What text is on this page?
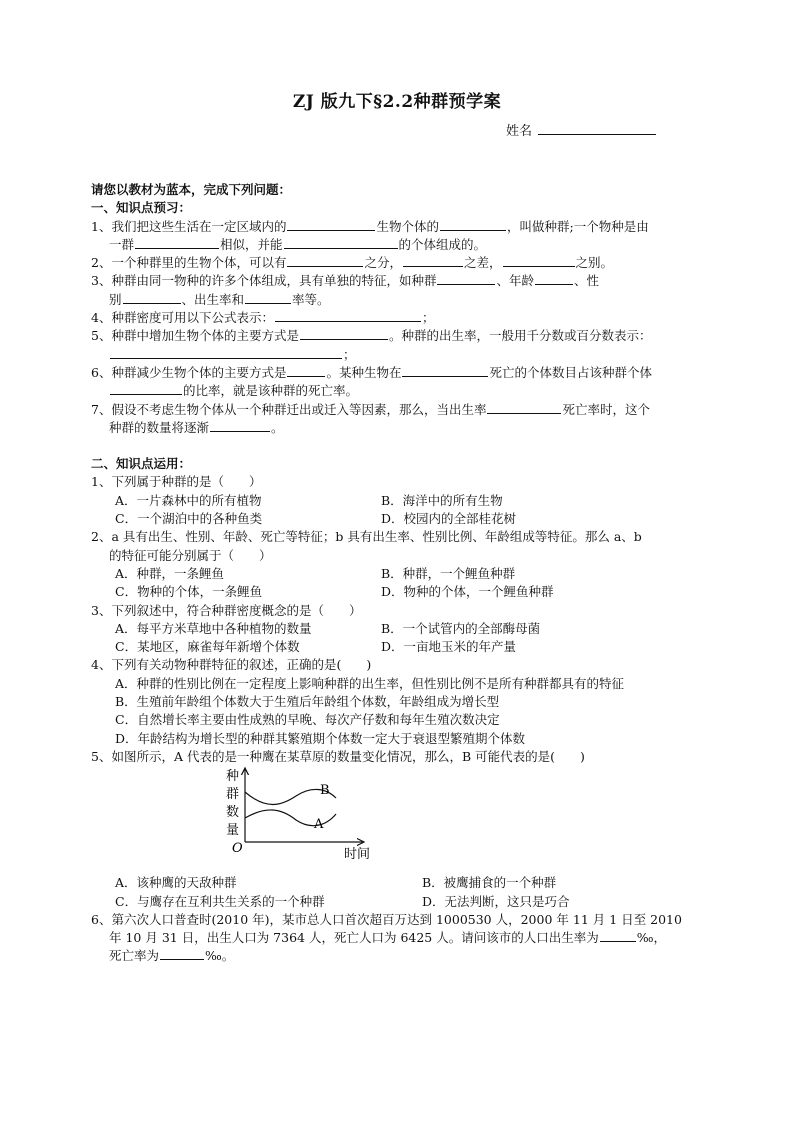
ZJ 版九下§2.2种群预学案
姓名
请您以教材为蓝本，完成下列问题：
一、知识点预习：
1、我们把这些生活在一定区域内的	生物个体的	，叫做种群;一个物种是由
一群	相似，并能	的个体组成的。
2、一个种群里的生物个体，可以有	之分，	之差，	之别。
3、种群由同一物种的许多个体组成，具有单独的特征，如种群	、年龄	、性
别	、出生率和	率等。
4、种群密度可用以下公式表示：	；
5、种群中增加生物个体的主要方式是	。种群的出生率，一般用千分数或百分数表示：
；
6、种群减少生物个体的主要方式是	。某种生物在	死亡的个体数目占该种群个体
的比率，就是该种群的死亡率。
7、假设不考虑生物个体从一个种群迁出或迁入等因素，那么，当出生率	死亡率时，这个
种群的数量将逐渐	。
二、知识点运用：
1、下列属于种群的是（　　）
A．一片森林中的所有植物	B．海洋中的所有生物
C．一个湖泊中的各种鱼类	D．校园内的全部桂花树
2、a 具有出生、性别、年龄、死亡等特征；b 具有出生率、性别比例、年龄组成等特征。那么 a、b
的特征可能分别属于（　　）
A．种群，一条鲤鱼	B．种群，一个鲤鱼种群
C．物种的个体，一条鲤鱼	D．物种的个体，一个鲤鱼种群
3、下列叙述中，符合种群密度概念的是（　　）
A．每平方米草地中各种植物的数量	B．一个试管内的全部酶母菌
C．某地区，麻雀每年新增个体数	D．一亩地玉米的年产量
4、下列有关动物种群特征的叙述，正确的是(　　)
A．种群的性别比例在一定程度上影响种群的出生率，但性别比例不是所有种群都具有的特征
B．生殖前年龄组个体数大于生殖后年龄组个体数，年龄组成为增长型
C．自然增长率主要由性成熟的早晚、每次产仔数和每年生殖次数决定
D．年龄结构为增长型的种群其繁殖期个体数一定大于衰退型繁殖期个体数
5、如图所示，A 代表的是一种鹰在某草原的数量变化情况，那么，B 可能代表的是(　　)
种
群
数
量
O	时间
B
A
A．该种鹰的天敌种群	B．被鹰捕食的一个种群
C．与鹰存在互利共生关系的一个种群	D．无法判断，这只是巧合
6、第六次人口普查时(2010 年)，某市总人口首次超百万达到 1000530 人，2000 年 11 月 1 日至 2010
年 10 月 31 日，出生人口为 7364 人，死亡人口为 6425 人。请问该市的人口出生率为	‰，
死亡率为	‰。
